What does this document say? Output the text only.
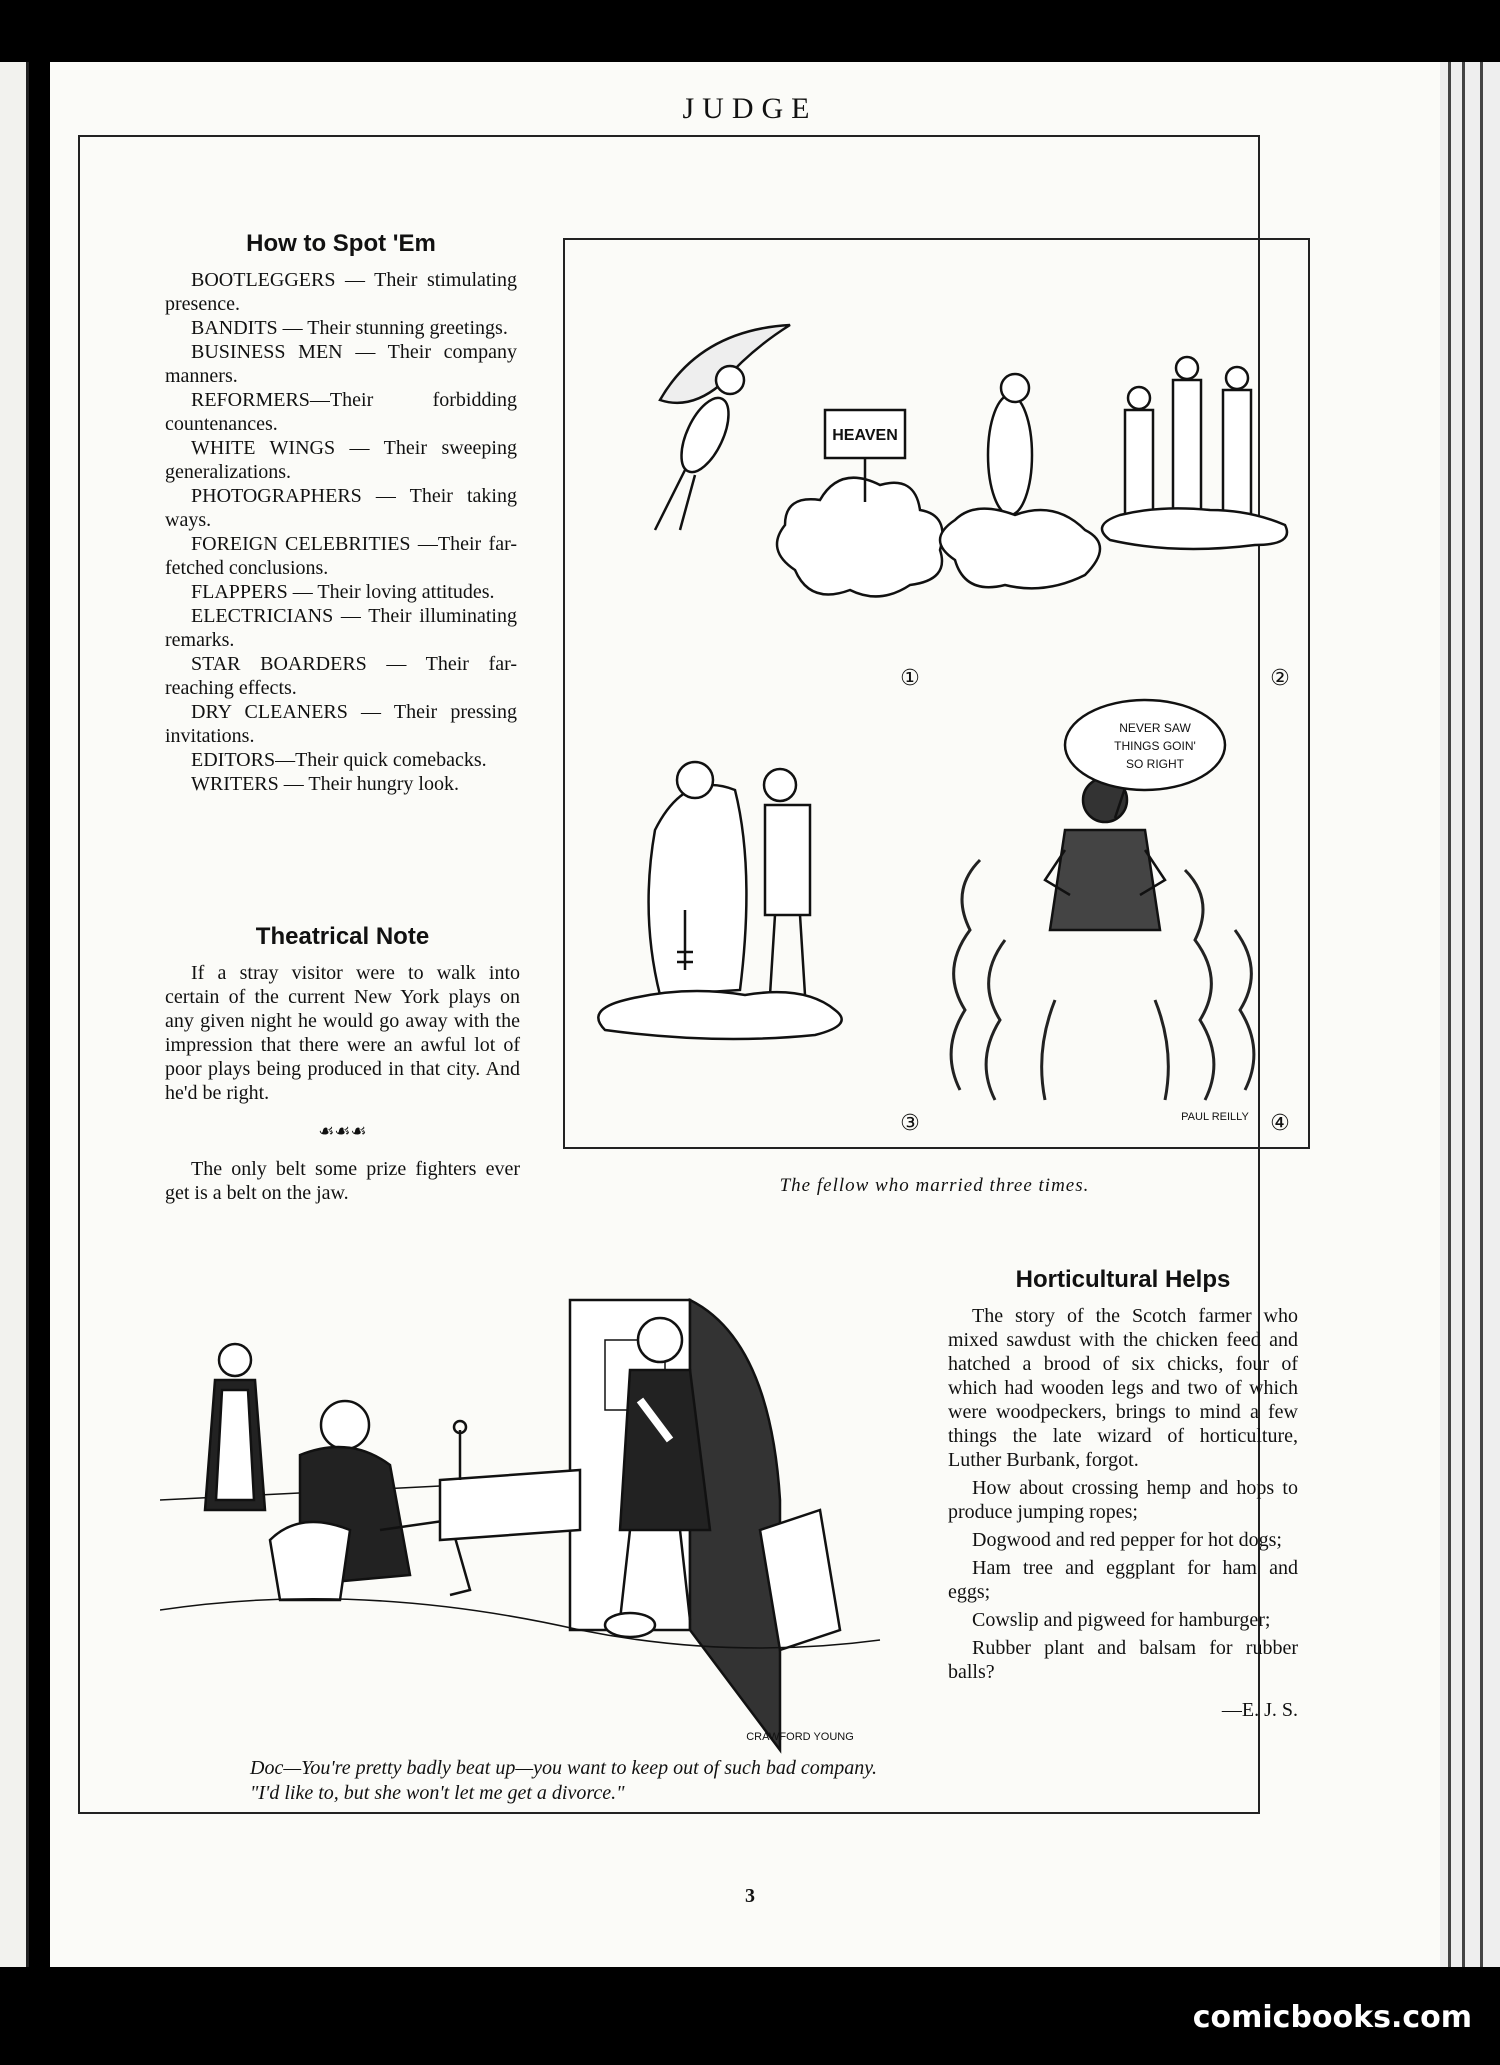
JUDGE
How to Spot 'Em

BOOTLEGGERS — Their stimulating presence.

BANDITS — Their stunning greetings.

BUSINESS MEN — Their company manners.

REFORMERS—Their forbidding countenances.

WHITE WINGS — Their sweeping generalizations.

PHOTOGRAPHERS — Their taking ways.

FOREIGN CELEBRITIES —Their far-fetched conclusions.

FLAPPERS — Their loving attitudes.

ELECTRICIANS — Their illuminating remarks.

STAR BOARDERS — Their far-reaching effects.

DRY CLEANERS — Their pressing invitations.

EDITORS—Their quick comebacks.

WRITERS — Their hungry look.

Theatrical Note

If a stray visitor were to walk into certain of the current New York plays on any given night he would go away with the impression that there were an awful lot of poor plays being produced in that city. And he'd be right.

☙☙☙

The only belt some prize fighters ever get is a belt on the jaw.

HEAVEN
①	②
③	④
NEVER SAW
THINGS GOIN'
SO RIGHT
PAUL REILLY
The fellow who married three times.
CRAWFORD YOUNG
Doc—You're pretty badly beat up—you want to keep out of such bad company.
"I'd like to, but she won't let me get a divorce."
Horticultural Helps

The story of the Scotch farmer who mixed sawdust with the chicken feed and hatched a brood of six chicks, four of which had wooden legs and two of which were woodpeckers, brings to mind a few things the late wizard of horticulture, Luther Burbank, forgot.

How about crossing hemp and hops to produce jumping ropes;

Dogwood and red pepper for hot dogs;

Ham tree and eggplant for ham and eggs;

Cowslip and pigweed for hamburger;

Rubber plant and balsam for rubber balls?

—E. J. S.
3
comicbooks.com
